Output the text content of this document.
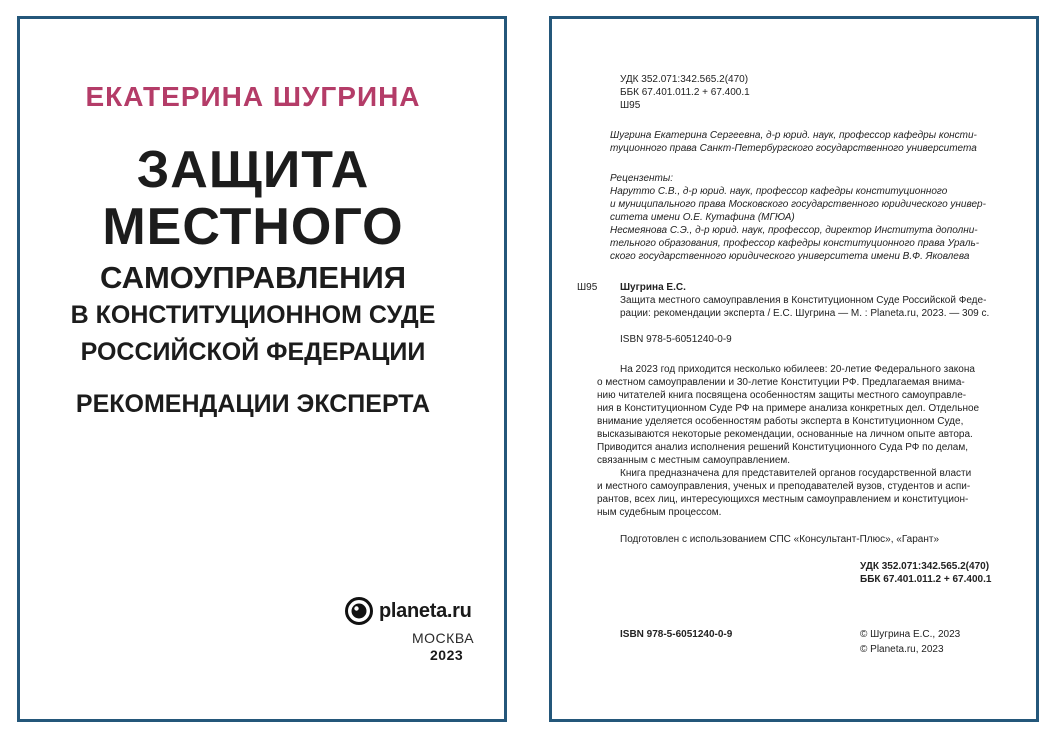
ЕКАТЕРИНА ШУГРИНА
ЗАЩИТА
МЕСТНОГО
САМОУПРАВЛЕНИЯ
В КОНСТИТУЦИОННОМ СУДЕ
РОССИЙСКОЙ ФЕДЕРАЦИИ
РЕКОМЕНДАЦИИ ЭКСПЕРТА
planeta.ru
МОСКВА
2023
УДК 352.071:342.565.2(470)
ББК 67.401.011.2 + 67.400.1
Ш95
Шугрина Екатерина Сергеевна, д-р юрид. наук, профессор кафедры консти-
туционного права Санкт-Петербургского государственного университета
Рецензенты:
Нарутто С.В., д-р юрид. наук, профессор кафедры конституционного
и муниципального права Московского государственного юридического универ-
ситета имени О.Е. Кутафина (МГЮА)
Несмеянова С.Э., д-р юрид. наук, профессор, директор Института дополни-
тельного образования, профессор кафедры конституционного права Ураль-
ского государственного юридического университета имени В.Ф. Яковлева
Ш95 Шугрина Е.С.
Защита местного самоуправления в Конституционном Суде Российской Феде-
рации: рекомендации эксперта / Е.С. Шугрина — М. : Planeta.ru, 2023. — 309 с.
ISBN 978-5-6051240-0-9

На 2023 год приходится несколько юбилеев: 20-летие Федерального закона

о местном самоуправлении и 30-летие Конституции РФ. Предлагаемая внима-
нию читателей книга посвящена особенностям защиты местного самоуправле-
ния в Конституционном Суде РФ на примере анализа конкретных дел. Отдельное
внимание уделяется особенностям работы эксперта в Конституционном Суде,
высказываются некоторые рекомендации, основанные на личном опыте автора.
Приводится анализ исполнения решений Конституционного Суда РФ по делам,
связанным с местным самоуправлением.

Книга предназначена для представителей органов государственной власти

и местного самоуправления, ученых и преподавателей вузов, студентов и аспи-
рантов, всех лиц, интересующихся местным самоуправлением и конституцион-
ным судебным процессом.
Подготовлен с использованием СПС «Консультант-Плюс», «Гарант»
УДК 352.071:342.565.2(470)
ББК 67.401.011.2 + 67.400.1
ISBN 978-5-6051240-0-9	© Шугрина Е.С., 2023
© Planeta.ru, 2023
